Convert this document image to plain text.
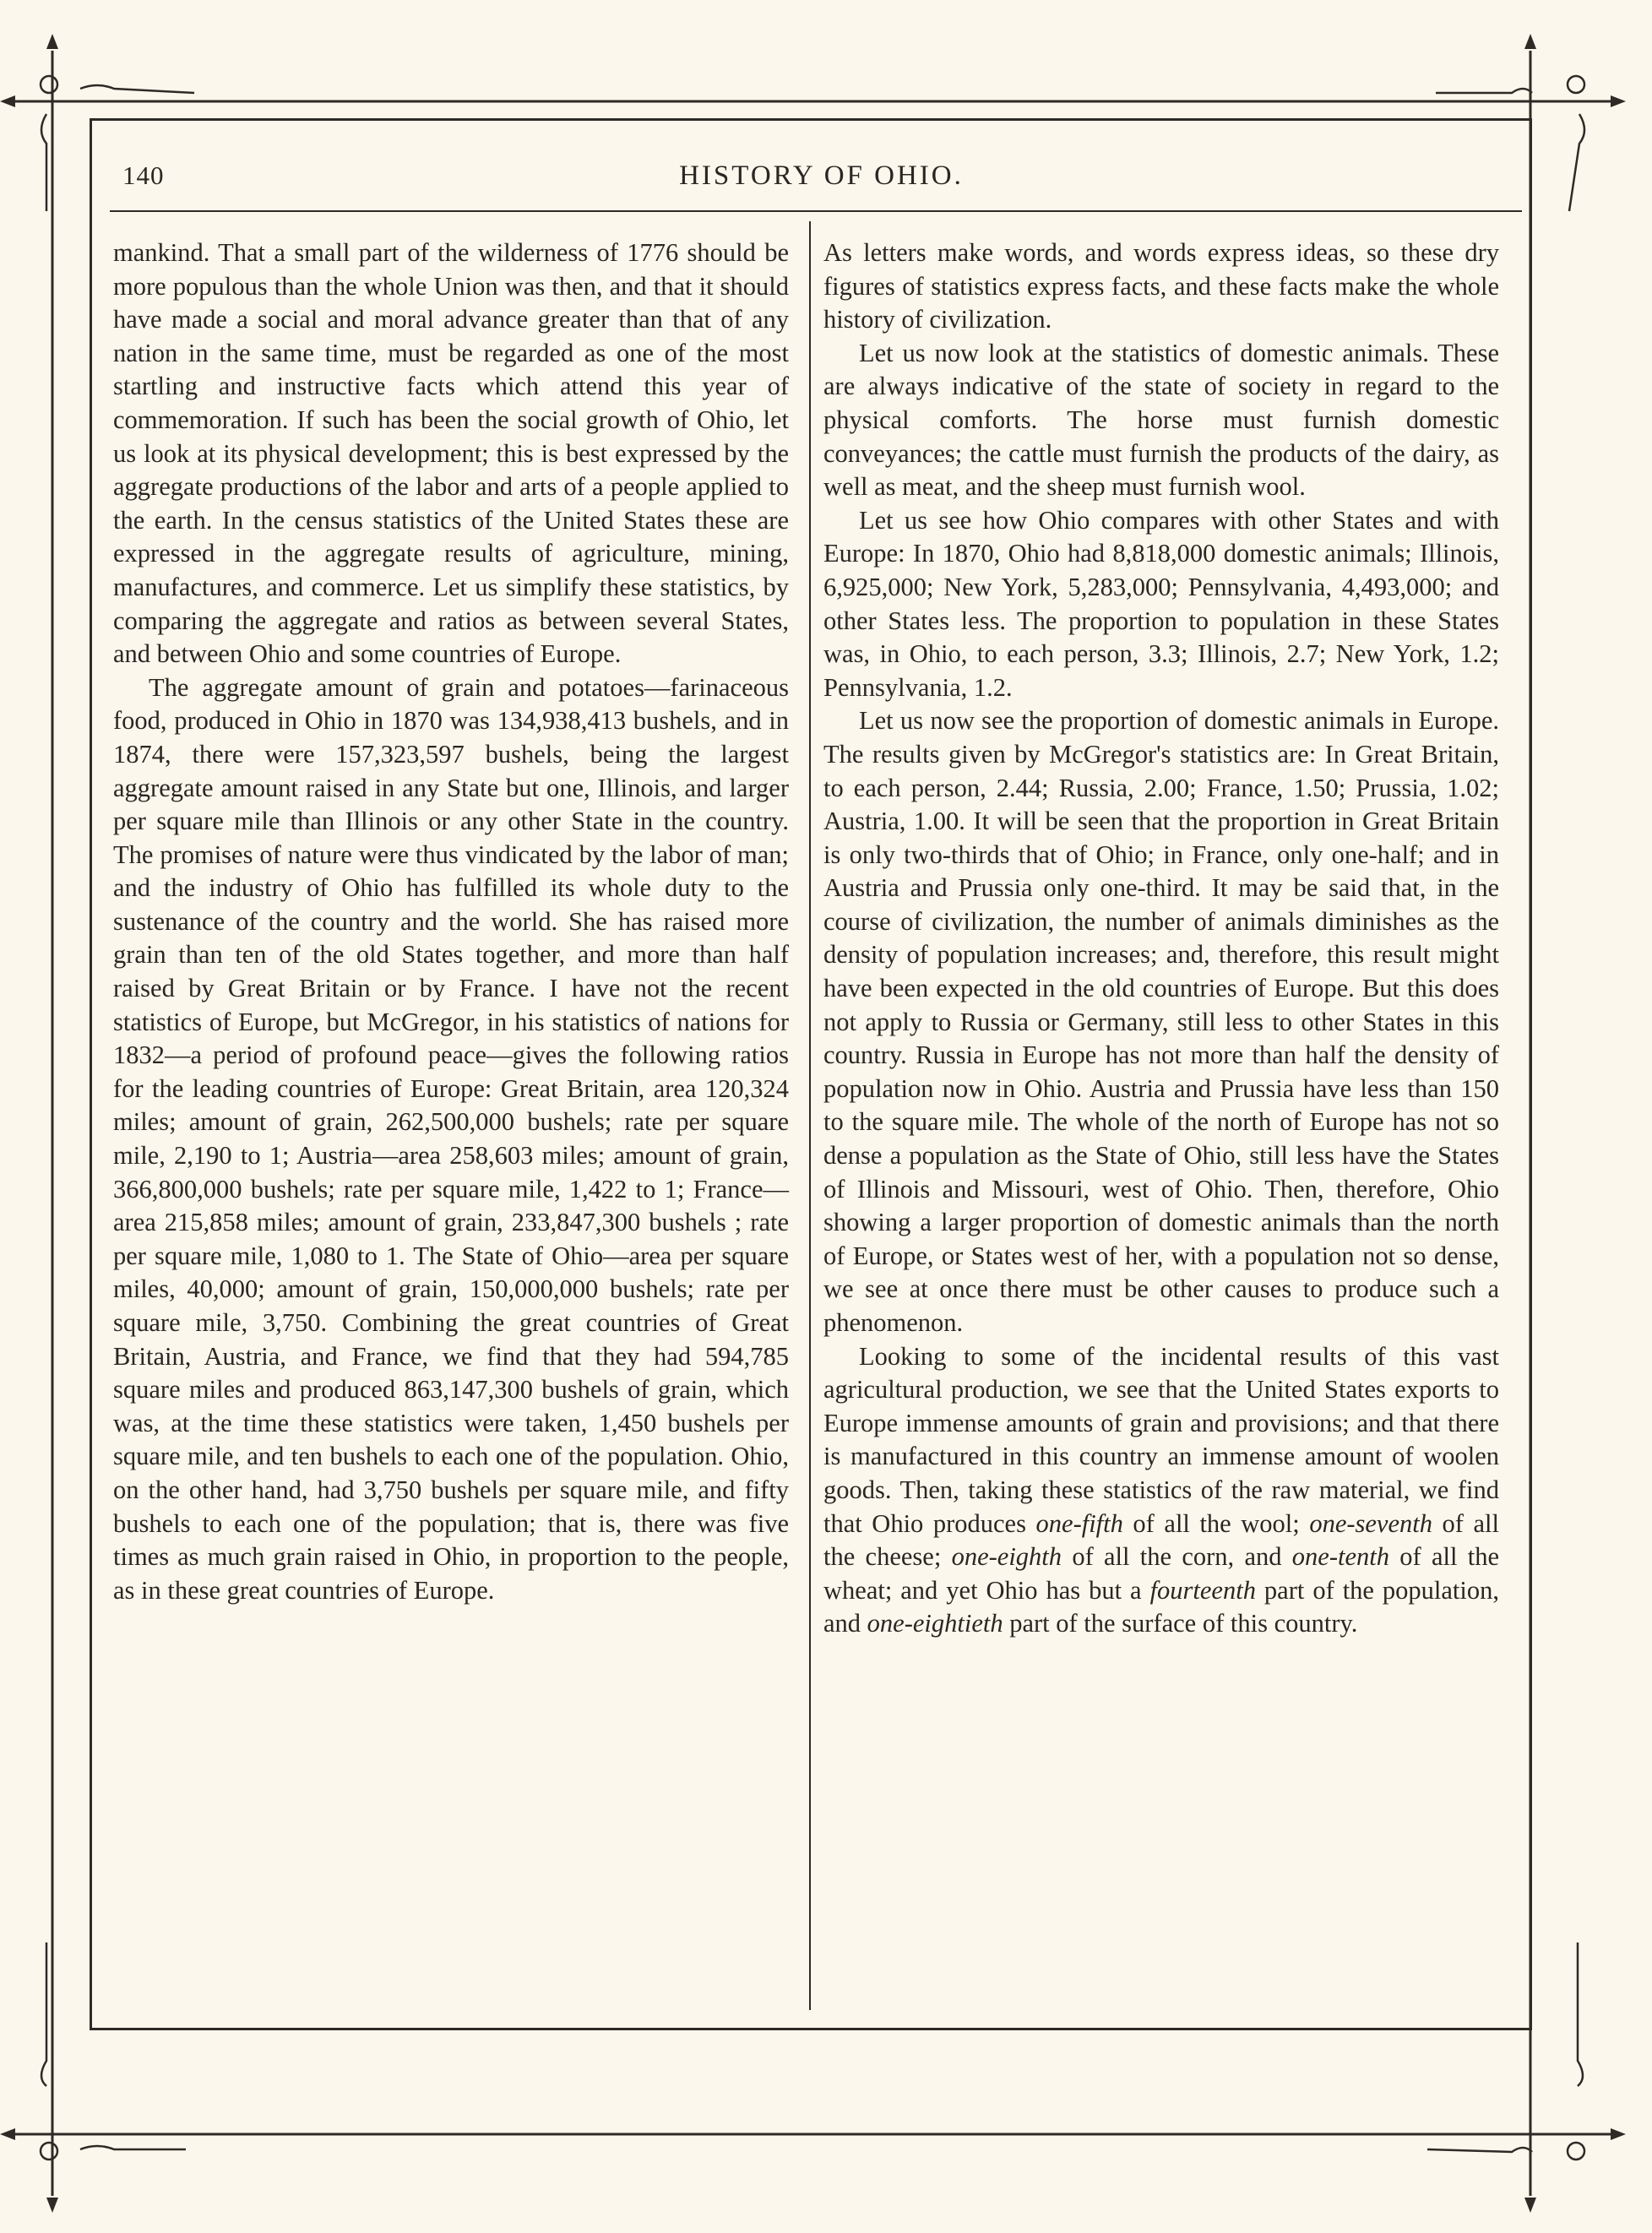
140	HISTORY OF OHIO.

mankind. That a small part of the wilderness of 1776 should be more populous than the whole Union was then, and that it should have made a social and moral advance greater than that of any nation in the same time, must be regarded as one of the most startling and instructive facts which attend this year of commemoration. If such has been the social growth of Ohio, let us look at its physical development; this is best expressed by the aggregate productions of the labor and arts of a people applied to the earth. In the census statistics of the United States these are expressed in the aggregate results of agriculture, mining, manufactures, and commerce. Let us simplify these statistics, by comparing the aggregate and ratios as between several States, and between Ohio and some countries of Europe.

The aggregate amount of grain and potatoes—farinaceous food, produced in Ohio in 1870 was 134,938,413 bushels, and in 1874, there were 157,323,597 bushels, being the largest aggregate amount raised in any State but one, Illinois, and larger per square mile than Illinois or any other State in the country. The promises of nature were thus vindicated by the labor of man; and the industry of Ohio has fulfilled its whole duty to the sustenance of the country and the world. She has raised more grain than ten of the old States together, and more than half raised by Great Britain or by France. I have not the recent statistics of Europe, but McGregor, in his statistics of nations for 1832—a period of profound peace—gives the following ratios for the leading countries of Europe: Great Britain, area 120,324 miles; amount of grain, 262,500,000 bushels; rate per square mile, 2,190 to 1; Austria—area 258,603 miles; amount of grain, 366,800,000 bushels; rate per square mile, 1,422 to 1; France—area 215,858 miles; amount of grain, 233,847,300 bushels ; rate per square mile, 1,080 to 1. The State of Ohio—area per square miles, 40,000; amount of grain, 150,000,000 bushels; rate per square mile, 3,750. Combining the great countries of Great Britain, Austria, and France, we find that they had 594,785 square miles and produced 863,147,300 bushels of grain, which was, at the time these statistics were taken, 1,450 bushels per square mile, and ten bushels to each one of the population. Ohio, on the other hand, had 3,750 bushels per square mile, and fifty bushels to each one of the population; that is, there was five times as much grain raised in Ohio, in proportion to the people, as in these great countries of Europe.

As letters make words, and words express ideas, so these dry figures of statistics express facts, and these facts make the whole history of civilization.

Let us now look at the statistics of domestic animals. These are always indicative of the state of society in regard to the physical comforts. The horse must furnish domestic conveyances; the cattle must furnish the products of the dairy, as well as meat, and the sheep must furnish wool.

Let us see how Ohio compares with other States and with Europe: In 1870, Ohio had 8,818,000 domestic animals; Illinois, 6,925,000; New York, 5,283,000; Pennsylvania, 4,493,000; and other States less. The proportion to population in these States was, in Ohio, to each person, 3.3; Illinois, 2.7; New York, 1.2; Pennsylvania, 1.2.

Let us now see the proportion of domestic animals in Europe. The results given by McGregor's statistics are: In Great Britain, to each person, 2.44; Russia, 2.00; France, 1.50; Prussia, 1.02; Austria, 1.00. It will be seen that the proportion in Great Britain is only two-thirds that of Ohio; in France, only one-half; and in Austria and Prussia only one-third. It may be said that, in the course of civilization, the number of animals diminishes as the density of population increases; and, therefore, this result might have been expected in the old countries of Europe. But this does not apply to Russia or Germany, still less to other States in this country. Russia in Europe has not more than half the density of population now in Ohio. Austria and Prussia have less than 150 to the square mile. The whole of the north of Europe has not so dense a population as the State of Ohio, still less have the States of Illinois and Missouri, west of Ohio. Then, therefore, Ohio showing a larger proportion of domestic animals than the north of Europe, or States west of her, with a population not so dense, we see at once there must be other causes to produce such a phenomenon.

Looking to some of the incidental results of this vast agricultural production, we see that the United States exports to Europe immense amounts of grain and provisions; and that there is manufactured in this country an immense amount of woolen goods. Then, taking these statistics of the raw material, we find that Ohio produces one-fifth of all the wool; one-seventh of all the cheese; one-eighth of all the corn, and one-tenth of all the wheat; and yet Ohio has but a fourteenth part of the population, and one-eightieth part of the surface of this country.
